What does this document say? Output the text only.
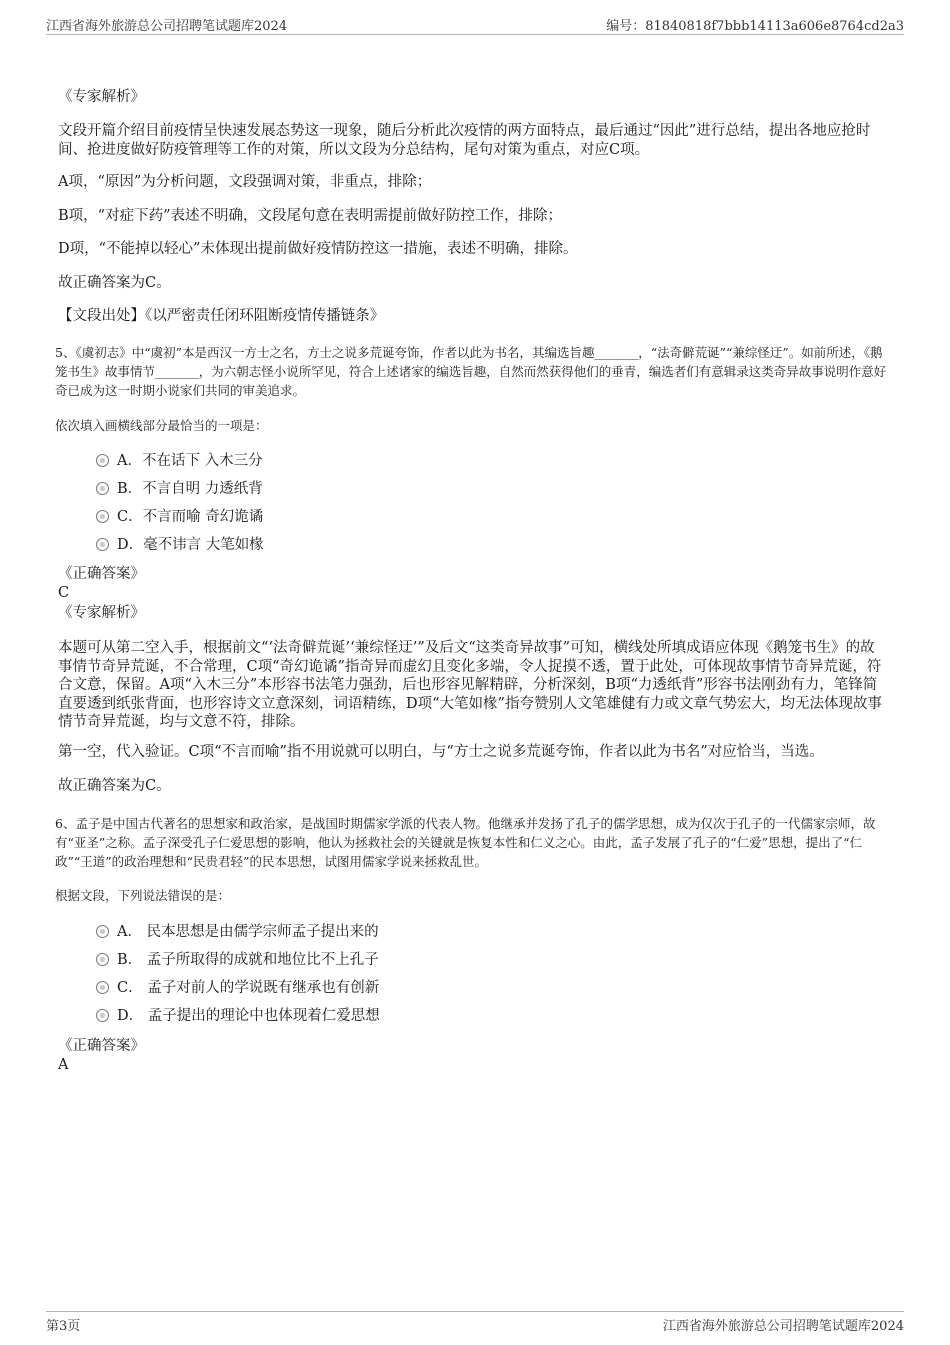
江西省海外旅游总公司招聘笔试题库2024	编号：81840818f7bbb14113a606e8764cd2a3

《专家解析》

文段开篇介绍目前疫情呈快速发展态势这一现象，随后分析此次疫情的两方面特点，最后通过“因此”进行总结，提出各地应抢时间、抢进度做好防疫管理等工作的对策，所以文段为分总结构，尾句对策为重点，对应C项。

A项，“原因”为分析问题，文段强调对策，非重点，排除；

B项，“对症下药”表述不明确，文段尾句意在表明需提前做好防控工作，排除；

D项，“不能掉以轻心”未体现出提前做好疫情防控这一措施，表述不明确，排除。

故正确答案为C。

【文段出处】《以严密责任闭环阻断疫情传播链条》

5、《虞初志》中“虞初”本是西汉一方士之名，方士之说多荒诞夸饰，作者以此为书名，其编选旨趣_______，“法奇僻荒诞”“兼综怪迂”。如前所述，《鹅笼书生》故事情节_______，为六朝志怪小说所罕见，符合上述诸家的编选旨趣，自然而然获得他们的垂青，编选者们有意辑录这类奇异故事说明作意好奇已成为这一时期小说家们共同的审美追求。

依次填入画横线部分最恰当的一项是：

A．不在话下 入木三分
B．不言自明 力透纸背
C．不言而喻 奇幻诡谲
D．毫不讳言 大笔如椽

《正确答案》

C

《专家解析》

本题可从第二空入手，根据前文“‘法奇僻荒诞’‘兼综怪迂’”及后文“这类奇异故事”可知，横线处所填成语应体现《鹅笼书生》的故事情节奇异荒诞，不合常理，C项“奇幻诡谲”指奇异而虚幻且变化多端，令人捉摸不透，置于此处，可体现故事情节奇异荒诞，符合文意，保留。A项“入木三分”本形容书法笔力强劲，后也形容见解精辟，分析深刻，B项“力透纸背”形容书法刚劲有力，笔锋简直要透到纸张背面，也形容诗文立意深刻，词语精练，D项“大笔如椽”指夸赞别人文笔雄健有力或文章气势宏大，均无法体现故事情节奇异荒诞，均与文意不符，排除。

第一空，代入验证。C项“不言而喻”指不用说就可以明白，与“方士之说多荒诞夸饰，作者以此为书名”对应恰当，当选。

故正确答案为C。

6、孟子是中国古代著名的思想家和政治家，是战国时期儒家学派的代表人物。他继承并发扬了孔子的儒学思想，成为仅次于孔子的一代儒家宗师，故有“亚圣”之称。孟子深受孔子仁爱思想的影响，他认为拯救社会的关键就是恢复本性和仁义之心。由此，孟子发展了孔子的“仁爱”思想，提出了“仁政”“王道”的政治理想和“民贵君轻”的民本思想，试图用儒家学说来拯救乱世。

根据文段，下列说法错误的是：

A． 民本思想是由儒学宗师孟子提出来的
B． 孟子所取得的成就和地位比不上孔子
C． 孟子对前人的学说既有继承也有创新
D． 孟子提出的理论中也体现着仁爱思想

《正确答案》

A

第3页	江西省海外旅游总公司招聘笔试题库2024
